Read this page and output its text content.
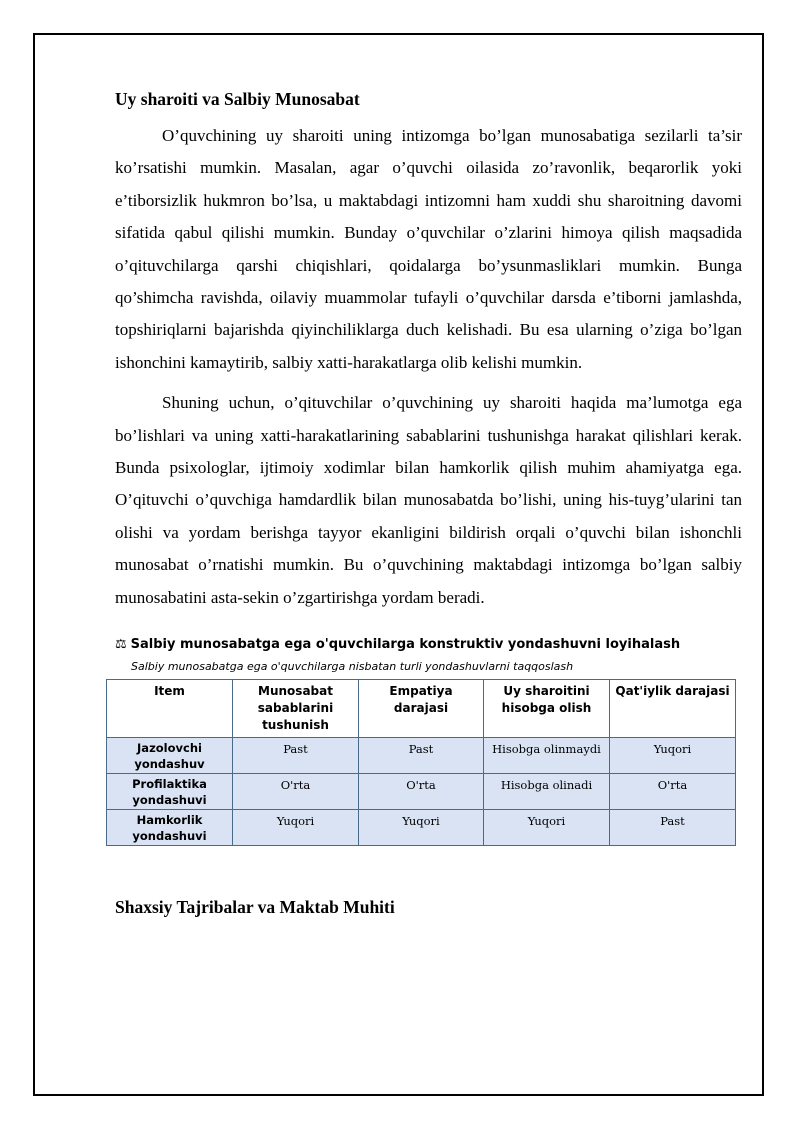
Uy sharoiti va Salbiy Munosabat

O’quvchining uy sharoiti uning intizomga bo’lgan munosabatiga sezilarli ta’sir ko’rsatishi mumkin. Masalan, agar o’quvchi oilasida zo’ravonlik, beqarorlik yoki e’tiborsizlik hukmron bo’lsa, u maktabdagi intizomni ham xuddi shu sharoitning davomi sifatida qabul qilishi mumkin. Bunday o’quvchilar o’zlarini himoya qilish maqsadida o’qituvchilarga qarshi chiqishlari, qoidalarga bo’ysunmasliklari mumkin. Bunga qo’shimcha ravishda, oilaviy muammolar tufayli o’quvchilar darsda e’tiborni jamlashda, topshiriqlarni bajarishda qiyinchiliklarga duch kelishadi. Bu esa ularning o’ziga bo’lgan ishonchini kamaytirib, salbiy xatti-harakatlarga olib kelishi mumkin.

Shuning uchun, o’qituvchilar o’quvchining uy sharoiti haqida ma’lumotga ega bo’lishlari va uning xatti-harakatlarining sabablarini tushunishga harakat qilishlari kerak. Bunda psixologlar, ijtimoiy xodimlar bilan hamkorlik qilish muhim ahamiyatga ega. O’qituvchi o’quvchiga hamdardlik bilan munosabatda bo’lishi, uning his-tuyg’ularini tan olishi va yordam berishga tayyor ekanligini bildirish orqali o’quvchi bilan ishonchli munosabat o’rnatishi mumkin. Bu o’quvchining maktabdagi intizomga bo’lgan salbiy munosabatini asta-sekin o’zgartirishga yordam beradi.

⚖ Salbiy munosabatga ega o'quvchilarga konstruktiv yondashuvni loyihalash
Salbiy munosabatga ega o'quvchilarga nisbatan turli yondashuvlarni taqqoslash
Item	Munosabat sabablarini tushunish	Empatiya darajasi	Uy sharoitini hisobga olish	Qat'iylik darajasi
Jazolovchi yondashuv	Past	Past	Hisobga olinmaydi	Yuqori
Profilaktika yondashuvi	O'rta	O'rta	Hisobga olinadi	O'rta
Hamkorlik yondashuvi	Yuqori	Yuqori	Yuqori	Past
Shaxsiy Tajribalar va Maktab Muhiti
